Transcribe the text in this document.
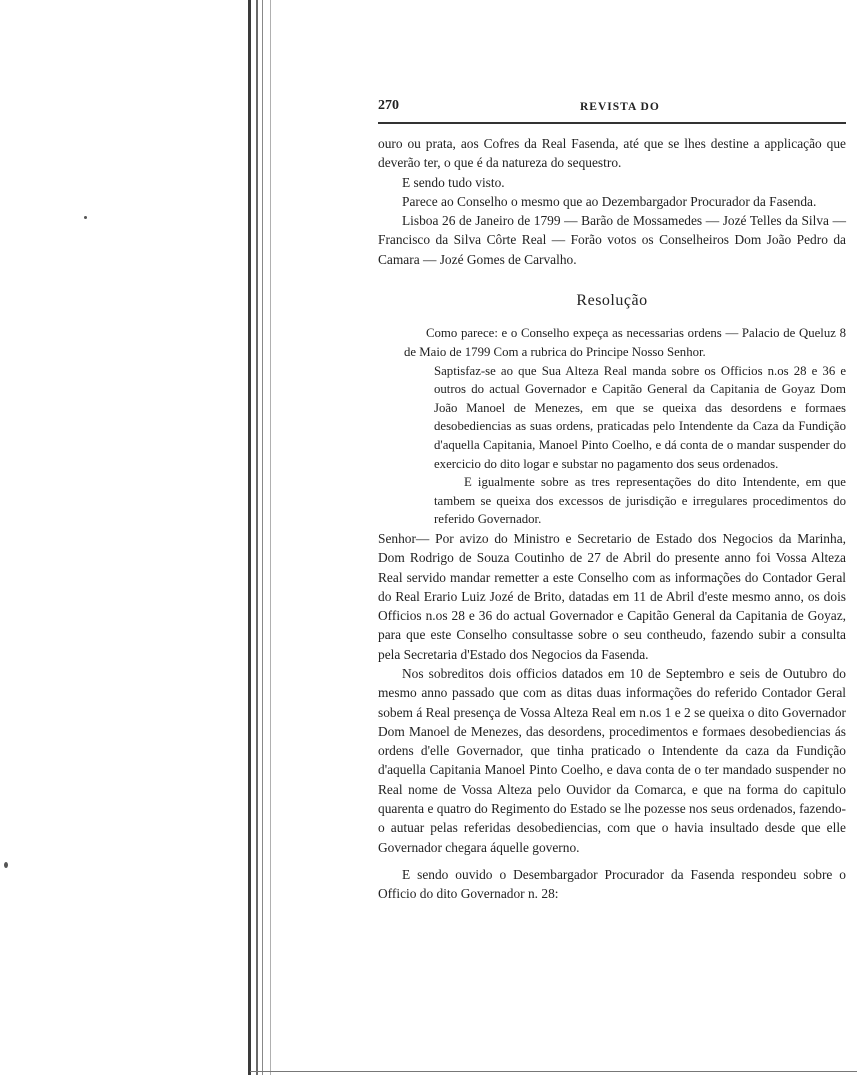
270	REVISTA DO

ouro ou prata, aos Cofres da Real Fasenda, até que se lhes destine a applicação que deverão ter, o que é da natureza do sequestro.

E sendo tudo visto.

Parece ao Conselho o mesmo que ao Dezembargador Procurador da Fasenda.

Lisboa 26 de Janeiro de 1799 — Barão de Mossamedes — Jozé Telles da Silva — Francisco da Silva Côrte Real — Forão votos os Conselheiros Dom João Pedro da Camara — Jozé Gomes de Carvalho.

Resolução

Como parece: e o Conselho expeça as necessarias ordens — Palacio de Queluz 8 de Maio de 1799 Com a rubrica do Principe Nosso Senhor.

Saptisfaz-se ao que Sua Alteza Real manda sobre os Officios n.os 28 e 36 e outros do actual Governador e Capitão General da Capitania de Goyaz Dom João Manoel de Menezes, em que se queixa das desordens e formaes desobediencias as suas ordens, praticadas pelo Intendente da Caza da Fundição d'aquella Capitania, Manoel Pinto Coelho, e dá conta de o mandar suspender do exercicio do dito logar e substar no pagamento dos seus ordenados.

E igualmente sobre as tres representações do dito Intendente, em que tambem se queixa dos excessos de jurisdição e irregulares procedimentos do referido Governador.

Senhor— Por avizo do Ministro e Secretario de Estado dos Negocios da Marinha, Dom Rodrigo de Souza Coutinho de 27 de Abril do presente anno foi Vossa Alteza Real servido mandar remetter a este Conselho com as informações do Contador Geral do Real Erario Luiz Jozé de Brito, datadas em 11 de Abril d'este mesmo anno, os dois Officios n.os 28 e 36 do actual Governador e Capitão General da Capitania de Goyaz, para que este Conselho consultasse sobre o seu contheudo, fazendo subir a consulta pela Secretaria d'Estado dos Negocios da Fasenda.

Nos sobreditos dois officios datados em 10 de Septembro e seis de Outubro do mesmo anno passado que com as ditas duas informações do referido Contador Geral sobem á Real presença de Vossa Alteza Real em n.os 1 e 2 se queixa o dito Governador Dom Manoel de Menezes, das desordens, procedimentos e formaes desobediencias ás ordens d'elle Governador, que tinha praticado o Intendente da caza da Fundição d'aquella Capitania Manoel Pinto Coelho, e dava conta de o ter mandado suspender no Real nome de Vossa Alteza pelo Ouvidor da Comarca, e que na forma do capitulo quarenta e quatro do Regimento do Estado se lhe pozesse nos seus ordenados, fazendo-o autuar pelas referidas desobediencias, com que o havia insultado desde que elle Governador chegara áquelle governo.

E sendo ouvido o Desembargador Procurador da Fasenda respondeu sobre o Officio do dito Governador n. 28:
